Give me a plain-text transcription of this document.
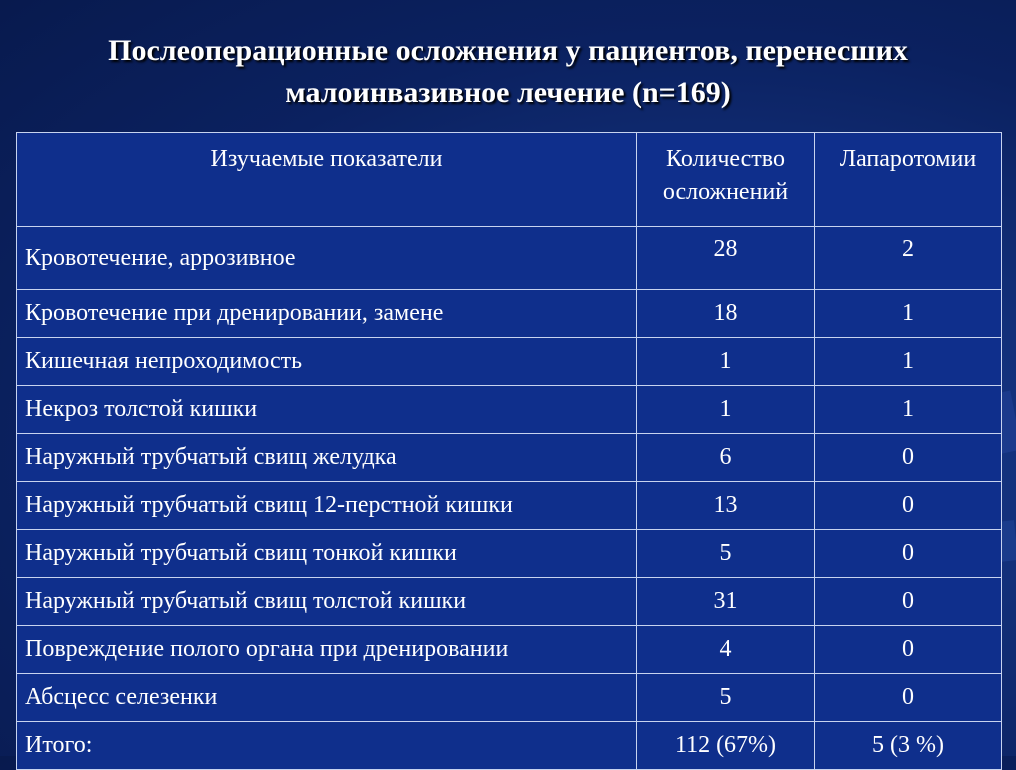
Послеоперационные осложнения у пациентов, перенесших
малоинвазивное лечение (n=169)
Изучаемые показатели	Количество осложнений	Лапаротомии
Кровотечение, аррозивное	28	2
Кровотечение при дренировании, замене	18	1
Кишечная непроходимость	1	1
Некроз толстой кишки	1	1
Наружный трубчатый свищ желудка	6	0
Наружный трубчатый свищ 12-перстной кишки	13	0
Наружный трубчатый свищ тонкой кишки	5	0
Наружный трубчатый свищ толстой кишки	31	0
Повреждение полого органа при дренировании	4	0
Абсцесс селезенки	5	0
Итого:	112 (67%)	5 (3 %)
